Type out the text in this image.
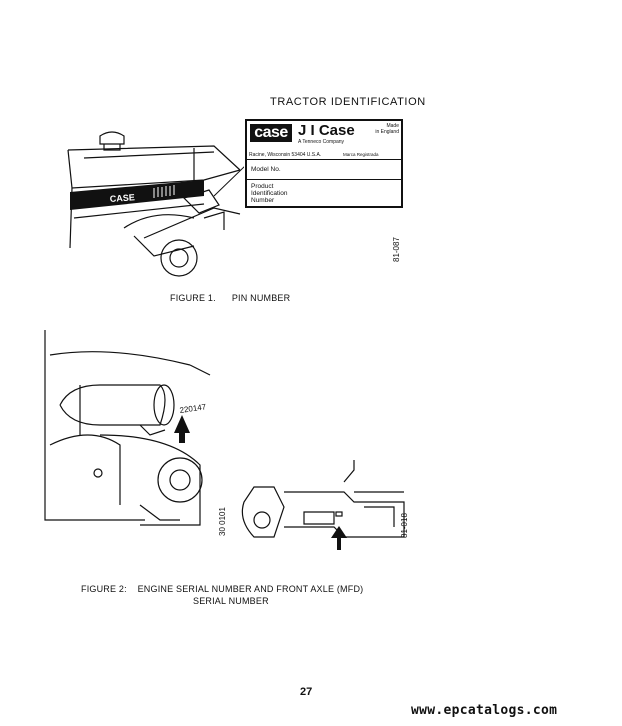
TRACTOR IDENTIFICATION
CASE
case J I Case
A Tenneco Company
Made
in England
Racine, Wisconsin 53404 U.S.A.	Marca Registrada
Model No.
Product
Identification
Number
81-087
FIGURE 1. PIN NUMBER
220147
30 0101	81-018
FIGURE 2:    ENGINE SERIAL NUMBER AND FRONT AXLE (MFD)
SERIAL NUMBER
27
www.epcatalogs.com
